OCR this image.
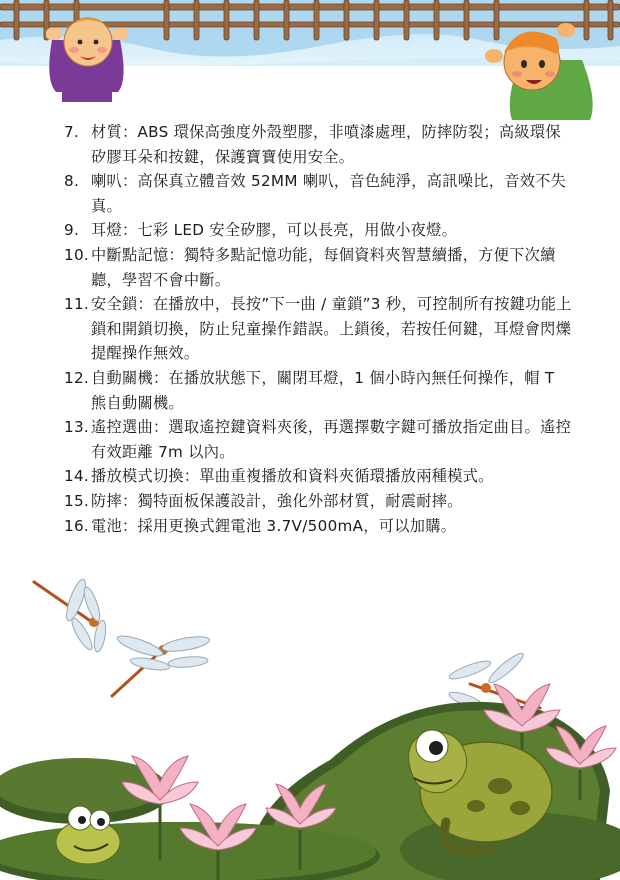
7. 材質：ABS 環保高強度外殼塑膠，非噴漆處理，防摔防裂；高級環保矽膠耳朵和按鍵，保護寶寶使用安全。
8. 喇叭：高保真立體音效 52MM 喇叭，音色純淨，高訊噪比，音效不失真。
9. 耳燈：七彩 LED 安全矽膠，可以長亮，用做小夜燈。
10. 中斷點記憶：獨特多點記憶功能，每個資料夾智慧續播，方便下次續聽，學習不會中斷。
11. 安全鎖：在播放中，長按”下一曲 / 童鎖”3 秒，可控制所有按鍵功能上鎖和開鎖切換，防止兒童操作錯誤。上鎖後，若按任何鍵，耳燈會閃爍提醒操作無效。
12. 自動關機：在播放狀態下，關閉耳燈，1 個小時內無任何操作，帽 T 熊自動關機。
13. 遙控選曲：選取遙控鍵資料夾後，再選擇數字鍵可播放指定曲目。遙控有效距離 7m 以內。
14. 播放模式切換：單曲重複播放和資料夾循環播放兩種模式。
15. 防摔：獨特面板保護設計，強化外部材質，耐震耐摔。
16. 電池：採用更換式鋰電池 3.7V/500mA，可以加購。
